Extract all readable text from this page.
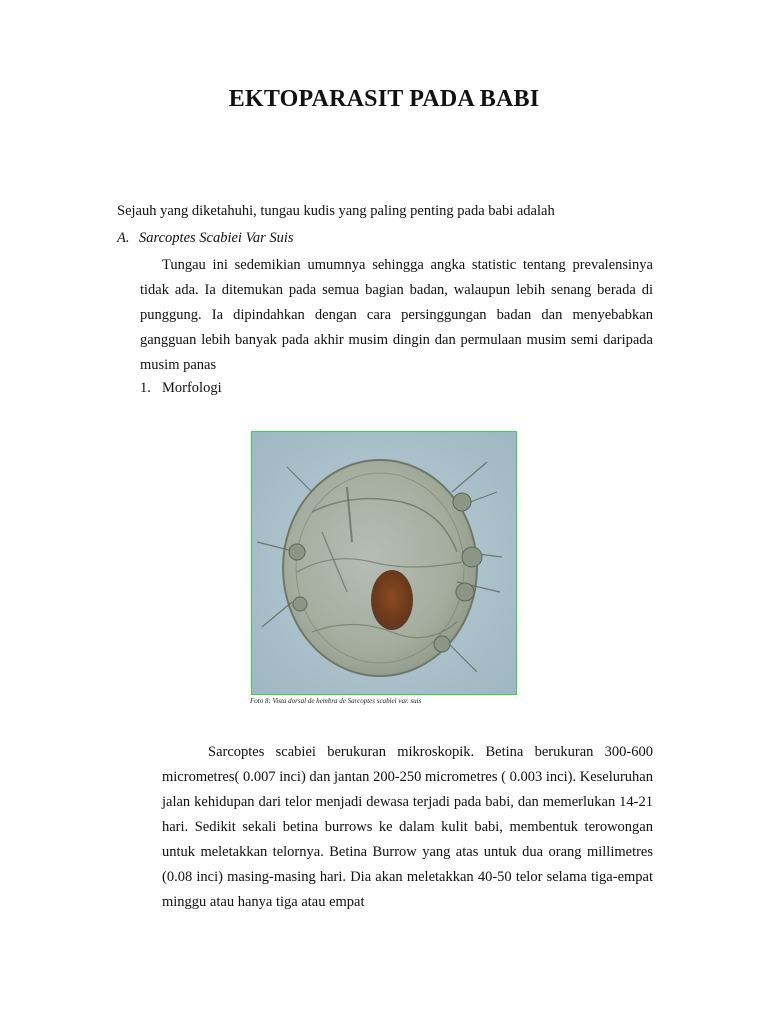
EKTOPARASIT PADA BABI
Sejauh yang diketahuhi, tungau kudis yang paling penting pada babi adalah
A. Sarcoptes Scabiei Var Suis
Tungau ini sedemikian umumnya sehingga angka statistic tentang prevalensinya tidak ada. Ia ditemukan pada semua bagian badan, walaupun lebih senang berada di punggung. Ia dipindahkan dengan cara persinggungan badan dan menyebabkan gangguan lebih banyak pada akhir musim dingin dan permulaan musim semi daripada musim panas
1. Morfologi
Foto 8: Vista dorsal de hembra de Sarcoptes scabiei var. suis
Sarcoptes scabiei berukuran mikroskopik. Betina berukuran 300-600 micrometres( 0.007 inci) dan jantan 200-250 micrometres ( 0.003 inci). Keseluruhan jalan kehidupan dari telor menjadi dewasa terjadi pada babi, dan memerlukan 14-21 hari. Sedikit sekali betina burrows ke dalam kulit babi, membentuk terowongan untuk meletakkan telornya. Betina Burrow yang atas untuk dua orang millimetres (0.08 inci) masing-masing hari. Dia akan meletakkan 40-50 telor selama tiga-empat minggu atau hanya tiga atau empat
